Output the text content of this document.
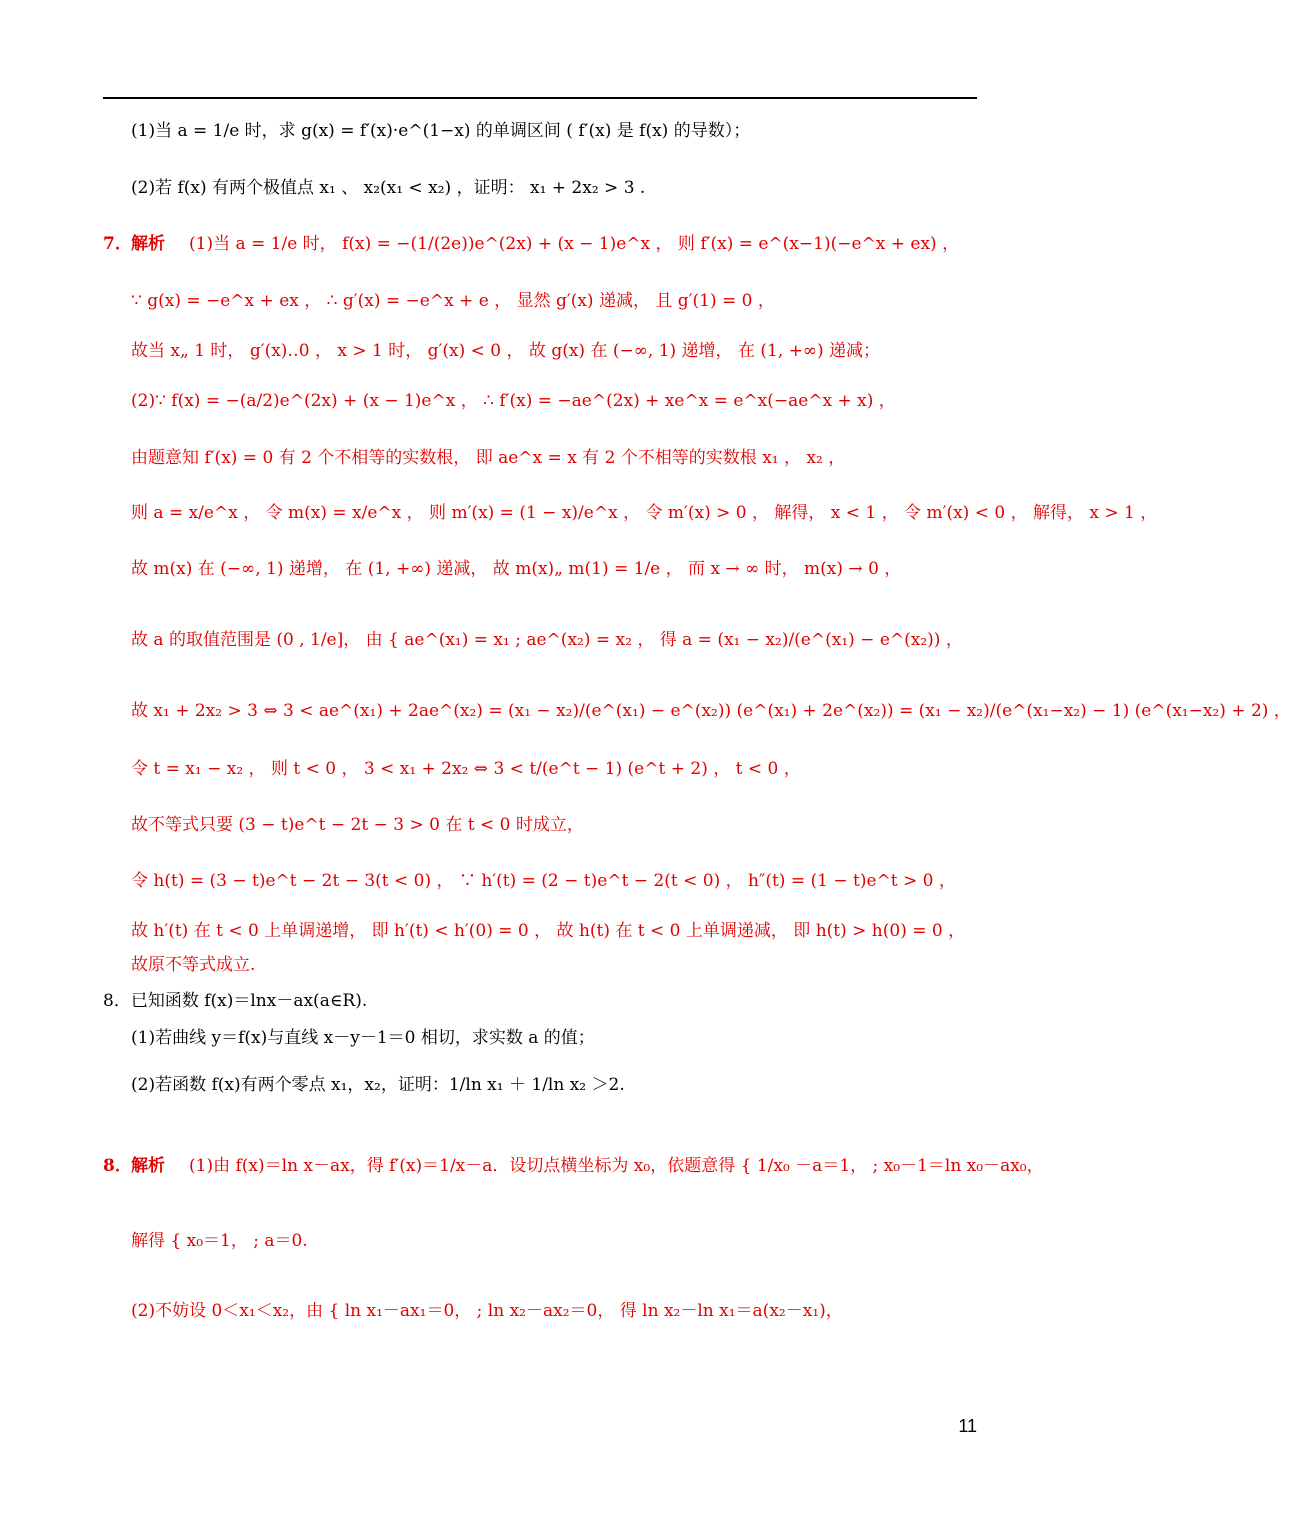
(1)当 a = 1/e 时，求 g(x) = f′(x)·e^(1−x) 的单调区间 ( f′(x) 是 f(x) 的导数）；
(2)若 f(x) 有两个极值点 x₁ 、 x₂(x₁ < x₂) ，证明： x₁ + 2x₂ > 3 .
7． 解析 (1)当 a = 1/e 时， f(x) = −(1/(2e))e^(2x) + (x − 1)e^x ， 则 f′(x) = e^(x−1)(−e^x + ex) ，
∵ g(x) = −e^x + ex ， ∴ g′(x) = −e^x + e ， 显然 g′(x) 递减， 且 g′(1) = 0 ，
故当 x„ 1 时， g′(x)‥0 ， x > 1 时， g′(x) < 0 ， 故 g(x) 在 (−∞, 1) 递增， 在 (1, +∞) 递减；
(2)∵ f(x) = −(a/2)e^(2x) + (x − 1)e^x ， ∴ f′(x) = −ae^(2x) + xe^x = e^x(−ae^x + x) ，
由题意知 f′(x) = 0 有 2 个不相等的实数根， 即 ae^x = x 有 2 个不相等的实数根 x₁ ， x₂ ，
则 a = x/e^x ， 令 m(x) = x/e^x ， 则 m′(x) = (1 − x)/e^x ， 令 m′(x) > 0 ， 解得， x < 1 ， 令 m′(x) < 0 ， 解得， x > 1 ，
故 m(x) 在 (−∞, 1) 递增， 在 (1, +∞) 递减， 故 m(x)„ m(1) = 1/e ， 而 x → ∞ 时， m(x) → 0 ，
故 a 的取值范围是 (0 , 1/e]， 由 { ae^(x₁) = x₁ ; ae^(x₂) = x₂ ， 得 a = (x₁ − x₂)/(e^(x₁) − e^(x₂)) ，
故 x₁ + 2x₂ > 3 ⇔ 3 < ae^(x₁) + 2ae^(x₂) = (x₁ − x₂)/(e^(x₁) − e^(x₂)) (e^(x₁) + 2e^(x₂)) = (x₁ − x₂)/(e^(x₁−x₂) − 1) (e^(x₁−x₂) + 2) ，
令 t = x₁ − x₂ ， 则 t < 0 ， 3 < x₁ + 2x₂ ⇔ 3 < t/(e^t − 1) (e^t + 2) ， t < 0 ，
故不等式只要 (3 − t)e^t − 2t − 3 > 0 在 t < 0 时成立，
令 h(t) = (3 − t)e^t − 2t − 3(t < 0) ， ∵ h′(t) = (2 − t)e^t − 2(t < 0) ， h″(t) = (1 − t)e^t > 0 ，
故 h′(t) 在 t < 0 上单调递增， 即 h′(t) < h′(0) = 0 ， 故 h(t) 在 t < 0 上单调递减， 即 h(t) > h(0) = 0 ，
故原不等式成立.
8．已知函数 f(x)＝lnx－ax(a∈R).
(1)若曲线 y＝f(x)与直线 x－y－1＝0 相切，求实数 a 的值；
(2)若函数 f(x)有两个零点 x₁，x₂，证明：1/ln x₁ ＋ 1/ln x₂ ＞2.
8． 解析 (1)由 f(x)＝ln x－ax，得 f′(x)＝1/x－a．设切点横坐标为 x₀，依题意得 { 1/x₀ －a＝1， ; x₀－1＝ln x₀－ax₀，
解得 { x₀＝1， ; a＝0.
(2)不妨设 0＜x₁＜x₂，由 { ln x₁－ax₁＝0， ; ln x₂－ax₂＝0， 得 ln x₂－ln x₁＝a(x₂－x₁)，
11
